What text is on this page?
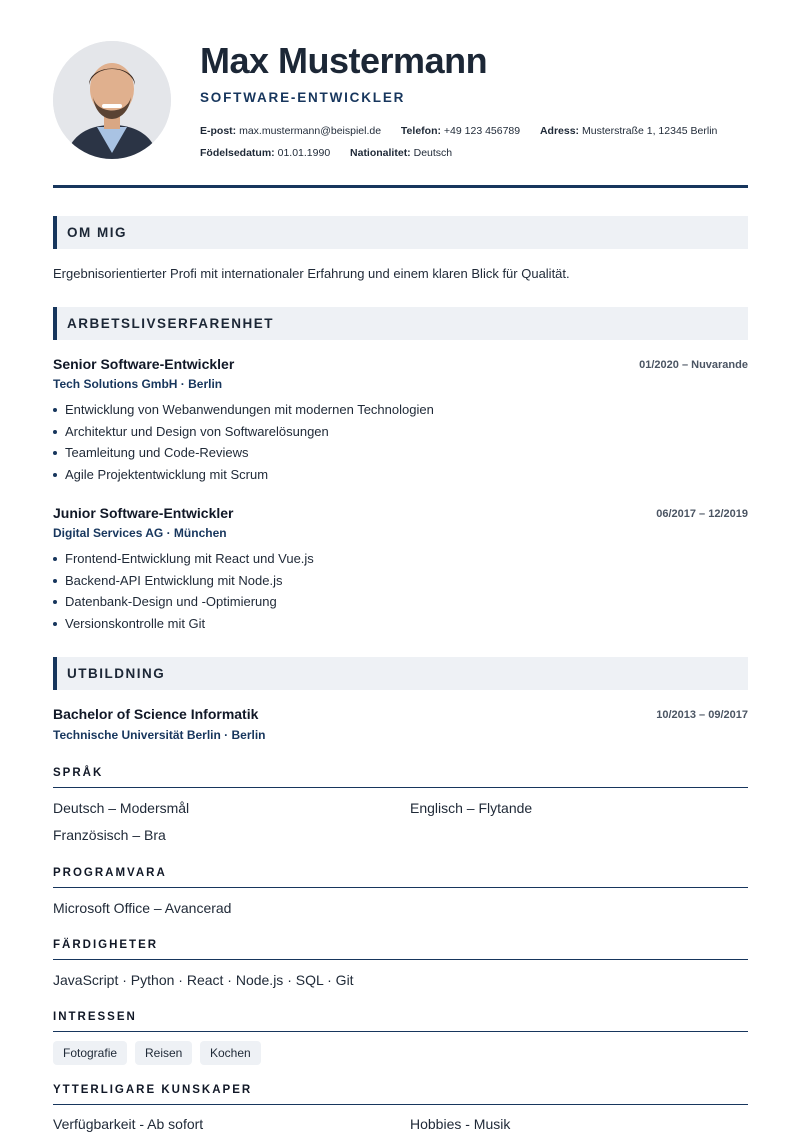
Max Mustermann
SOFTWARE-ENTWICKLER
E-post: max.mustermann@beispiel.de Telefon: +49 123 456789 Adress: Musterstraße 1, 12345 Berlin
Födelsedatum: 01.01.1990 Nationalitet: Deutsch
OM MIG
Ergebnisorientierter Profi mit internationaler Erfahrung und einem klaren Blick für Qualität.
ARBETSLIVSERFARENHET
Senior Software-Entwickler	01/2020 – Nuvarande
Tech Solutions GmbH · Berlin
Entwicklung von Webanwendungen mit modernen Technologien
Architektur und Design von Softwarelösungen
Teamleitung und Code-Reviews
Agile Projektentwicklung mit Scrum
Junior Software-Entwickler	06/2017 – 12/2019
Digital Services AG · München
Frontend-Entwicklung mit React und Vue.js
Backend-API Entwicklung mit Node.js
Datenbank-Design und -Optimierung
Versionskontrolle mit Git
UTBILDNING
Bachelor of Science Informatik	10/2013 – 09/2017
Technische Universität Berlin · Berlin
SPRÅK
Deutsch – Modersmål	Englisch – Flytande
Französisch – Bra
PROGRAMVARA
Microsoft Office – Avancerad
FÄRDIGHETER
JavaScript · Python · React · Node.js · SQL · Git
INTRESSEN
Fotografie	Reisen	Kochen
YTTERLIGARE KUNSKAPER
Verfügbarkeit - Ab sofort	Hobbies - Musik
